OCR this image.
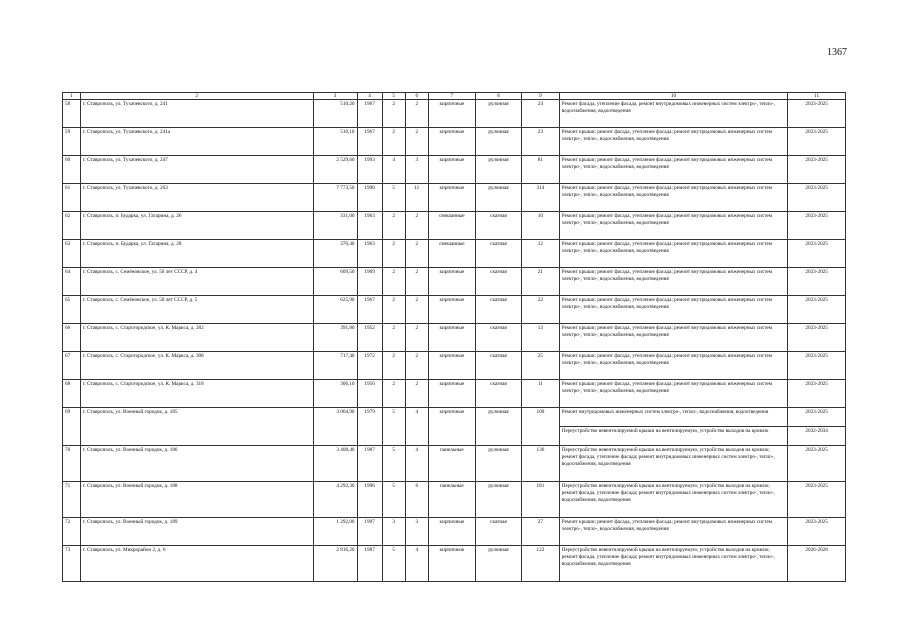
1367
1	2	3	4	5	6	7	8	9	10	11
58	г. Ставрополь, ул. Тухачевского, д. 241	510,20	1967	2	2	кирпичные	рулонная	24	Ремонт фасада, утепление фасада, ремонт внутридомовых инженерных систем электро-, тепло-, водоснабжения, водоотведения	2023-2025
59	г. Ставрополь, ул. Тухачевского, д. 241а	510,10	1967	2	2	кирпичные	рулонная	23	Ремонт крыши; ремонт фасада, утепление фасада; ремонт внутридомовых инженерных систем электро-, тепло-, водоснабжения, водоотведения	2023-2025
60	г. Ставрополь, ул. Тухачевского, д. 247	2 529,60	1993	4	3	кирпичные	рулонная	81	Ремонт крыши; ремонт фасада, утепление фасада; ремонт внутридомовых инженерных систем электро-, тепло-, водоснабжения, водоотведения	2023-2025
61	г. Ставрополь, ул. Тухачевского, д. 263	7 773,50	1990	5	11	кирпичные	рулонная	314	Ремонт крыши; ремонт фасада, утепление фасада; ремонт внутридомовых инженерных систем электро-, тепло-, водоснабжения, водоотведения	2023-2025
62	г. Ставрополь, п. Бударка, ул. Гагарина, д. 26	331,00	1963	2	2	смешанные	скатная	10	Ремонт крыши; ремонт фасада, утепление фасада; ремонт внутридомовых инженерных систем электро-, тепло-, водоснабжения, водоотведения	2023-2025
63	г. Ставрополь, п. Бударка, ул. Гагарина, д. 28	370,40	1963	2	2	смешанные	скатная	12	Ремонт крыши; ремонт фасада, утепление фасада; ремонт внутридомовых инженерных систем электро-, тепло-, водоснабжения, водоотведения	2023-2025
64	г. Ставрополь, с. Семёновское, ул. 50 лет СССР, д. 4	609,50	1969	2	2	кирпичные	скатная	21	Ремонт крыши; ремонт фасада, утепление фасада; ремонт внутридомовых инженерных систем электро-, тепло-, водоснабжения, водоотведения	2023-2025
65	г. Ставрополь, с. Семёновское, ул. 50 лет СССР, д. 5	625,90	1967	2	2	кирпичные	скатная	22	Ремонт крыши; ремонт фасада, утепление фасада; ремонт внутридомовых инженерных систем электро-, тепло-, водоснабжения, водоотведения	2023-2025
66	г. Ставрополь, с. Старогородское, ул. К. Маркса, д. 282	391,80	1952	2	2	кирпичные	скатная	13	Ремонт крыши; ремонт фасада, утепление фасада; ремонт внутридомовых инженерных систем электро-, тепло-, водоснабжения, водоотведения	2023-2025
67	г. Ставрополь, с. Старогородское, ул. К. Маркса, д. 308	717,40	1972	2	2	кирпичные	скатная	25	Ремонт крыши; ремонт фасада, утепление фасада; ремонт внутридомовых инженерных систем электро-, тепло-, водоснабжения, водоотведения	2023-2025
68	г. Ставрополь, с. Старогородское, ул. К. Маркса, д. 318	306,10	1956	2	2	кирпичные	скатная	11	Ремонт крыши; ремонт фасада, утепление фасада; ремонт внутридомовых инженерных систем электро-, тепло-, водоснабжения, водоотведения	2023-2025
69	г. Ставрополь, ул. Военный городок, д. 185	3 064,90	1979	5	4	кирпичные	рулонная	100	Ремонт внутридомовых инженерных систем электро-, тепло-, водоснабжения, водоотведения	2023-2025
									Переустройство невентилируемой крыши на вентилируемую, устройство выходов на кровлю	2032-2034
70	г. Ставрополь, ул. Военный городок, д. 186	3 408,40	1987	5	4	панельные	рулонная	136	Переустройство невентилируемой крыши на вентилируемую, устройство выходов на кровлю; ремонт фасада, утепление фасада; ремонт внутридомовых инженерных систем электро-, тепло-, водоснабжения, водоотведения	2023-2025
71	г. Ставрополь, ул. Военный городок, д. 188	4 292,30	1996	5	6	панельные	рулонная	181	Переустройство невентилируемой крыши на вентилируемую, устройство выходов на кровлю; ремонт фасада, утепление фасада; ремонт внутридомовых инженерных систем электро-, тепло-, водоснабжения, водоотведения	2023-2025
72	г. Ставрополь, ул. Военный городок, д. 189	1 292,00	1997	3	3	кирпичные	скатная	27	Ремонт крыши; ремонт фасада, утепление фасада; ремонт внутридомовых инженерных систем электро-, тепло-, водоснабжения, водоотведения	2023-2025
73	г. Ставрополь, ул. Микрорайон 2, д. 6	2 816,20	1987	5	4	кирпичные	рулонная	122	Переустройство невентилируемой крыши на вентилируемую, устройство выходов на кровлю; ремонт фасада, утепление фасада; ремонт внутридомовых инженерных систем электро-, тепло-, водоснабжения, водоотведения	2026-2028
